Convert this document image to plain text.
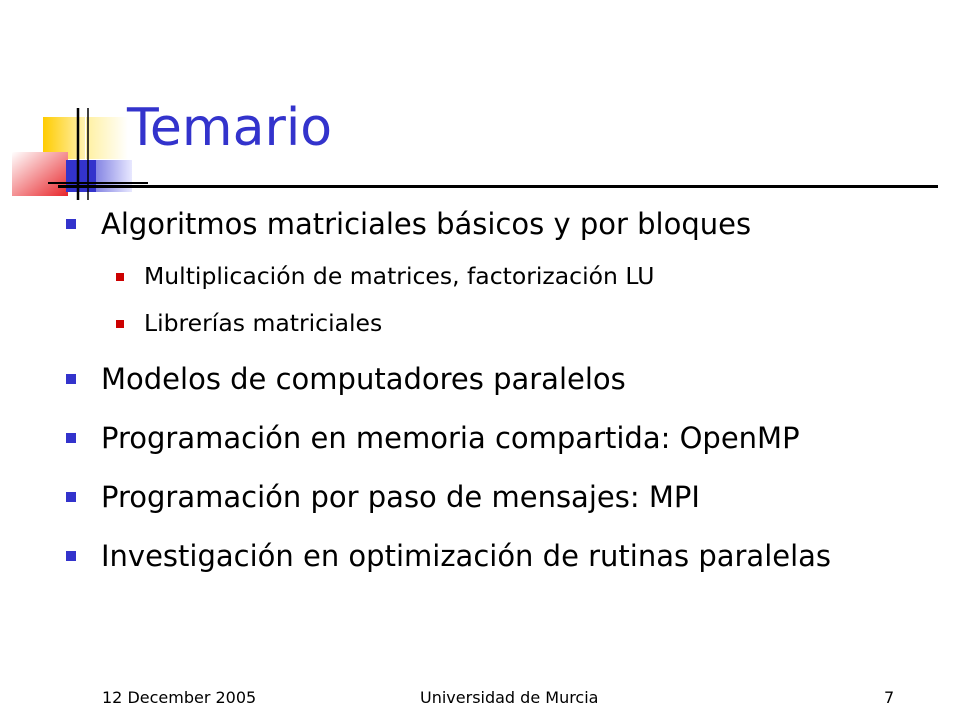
Temario
Algoritmos matriciales básicos y por bloques
Multiplicación de matrices, factorización LU
Librerías matriciales
Modelos de computadores paralelos
Programación en memoria compartida: OpenMP
Programación por paso de mensajes: MPI
Investigación en optimización de rutinas paralelas
12 December 2005	Universidad de Murcia	7
